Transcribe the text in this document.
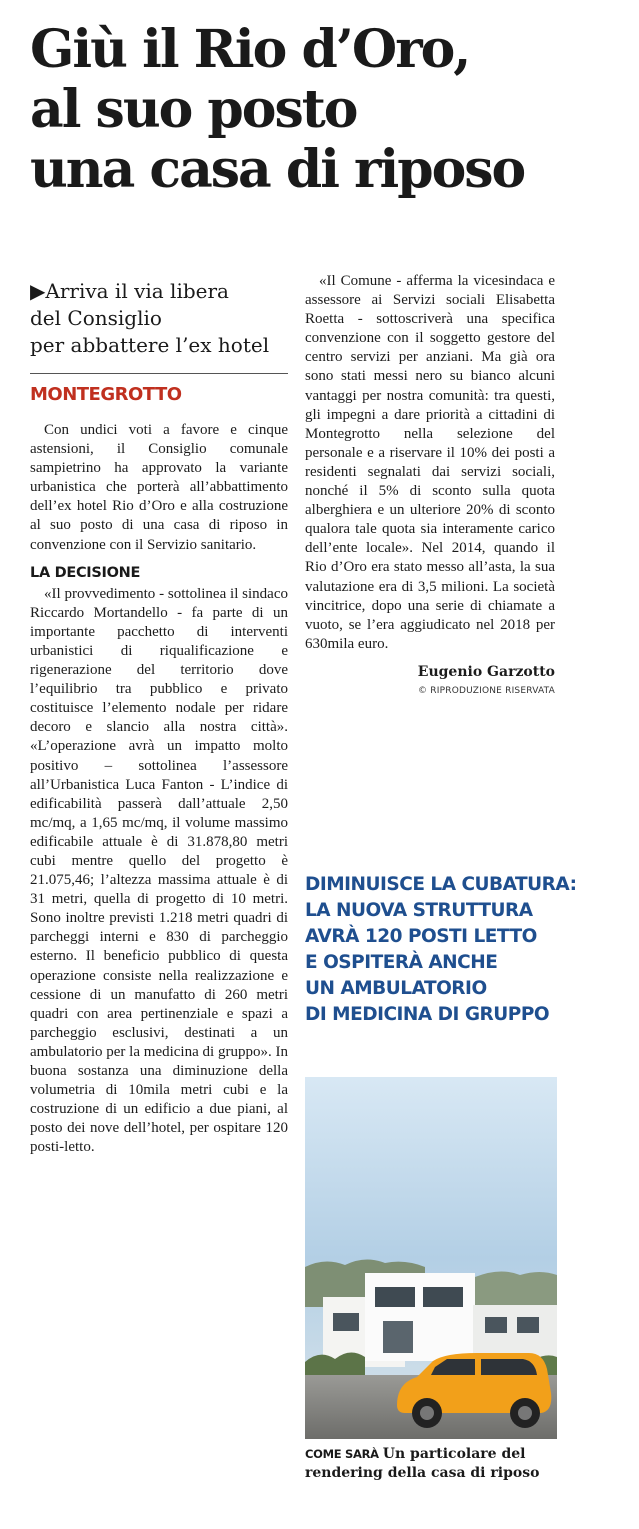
Giù il Rio d’Oro,
al suo posto
una casa di riposo

▶Arriva il via libera
del Consiglio
per abbattere l’ex hotel

MONTEGROTTO

Con undici voti a favore e cinque astensioni, il Consiglio comunale sampietrino ha approvato la variante urbanistica che porterà all’abbattimento dell’ex hotel Rio d’Oro e alla costruzione al suo posto di una casa di riposo in convenzione con il Servizio sanitario.

LA DECISIONE

«Il provvedimento - sottolinea il sindaco Riccardo Mortandello - fa parte di un importante pacchetto di interventi urbanistici di riqualificazione e rigenerazione del territorio dove l’equilibrio tra pubblico e privato costituisce l’elemento nodale per ridare decoro e slancio alla nostra città». «L’operazione avrà un impatto molto positivo – sottolinea l’assessore all’Urbanistica Luca Fanton - L’indice di edificabilità passerà dall’attuale 2,50 mc/mq, a 1,65 mc/mq, il volume massimo edificabile attuale è di 31.878,80 metri cubi mentre quello del progetto è 21.075,46; l’altezza massima attuale è di 31 metri, quella di progetto di 10 metri. Sono inoltre previsti 1.218 metri quadri di parcheggi interni e 830 di parcheggio esterno. Il beneficio pubblico di questa operazione consiste nella realizzazione e cessione di un manufatto di 260 metri quadri con area pertinenziale e spazi a parcheggio esclusivi, destinati a un ambulatorio per la medicina di gruppo». In buona sostanza una diminuzione della volumetria di 10mila metri cubi e la costruzione di un edificio a due piani, al posto dei nove dell’hotel, per ospitare 120 posti-letto.

«Il Comune - afferma la vicesindaca e assessore ai Servizi sociali Elisabetta Roetta - sottoscriverà una specifica convenzione con il soggetto gestore del centro servizi per anziani. Ma già ora sono stati messi nero su bianco alcuni vantaggi per nostra comunità: tra questi, gli impegni a dare priorità a cittadini di Montegrotto nella selezione del personale e a riservare il 10% dei posti a residenti segnalati dai servizi sociali, nonché il 5% di sconto sulla quota alberghiera e un ulteriore 20% di sconto qualora tale quota sia interamente carico dell’ente locale». Nel 2014, quando il Rio d’Oro era stato messo all’asta, la sua valutazione era di 3,5 milioni. La società vincitrice, dopo una serie di chiamate a vuoto, se l’era aggiudicato nel 2018 per 630mila euro.

Eugenio Garzotto

© RIPRODUZIONE RISERVATA

DIMINUISCE LA CUBATURA:
LA NUOVA STRUTTURA
AVRÀ 120 POSTI LETTO
E OSPITERÀ ANCHE
UN AMBULATORIO
DI MEDICINA DI GRUPPO
COME SARÀ Un particolare del rendering della casa di riposo
